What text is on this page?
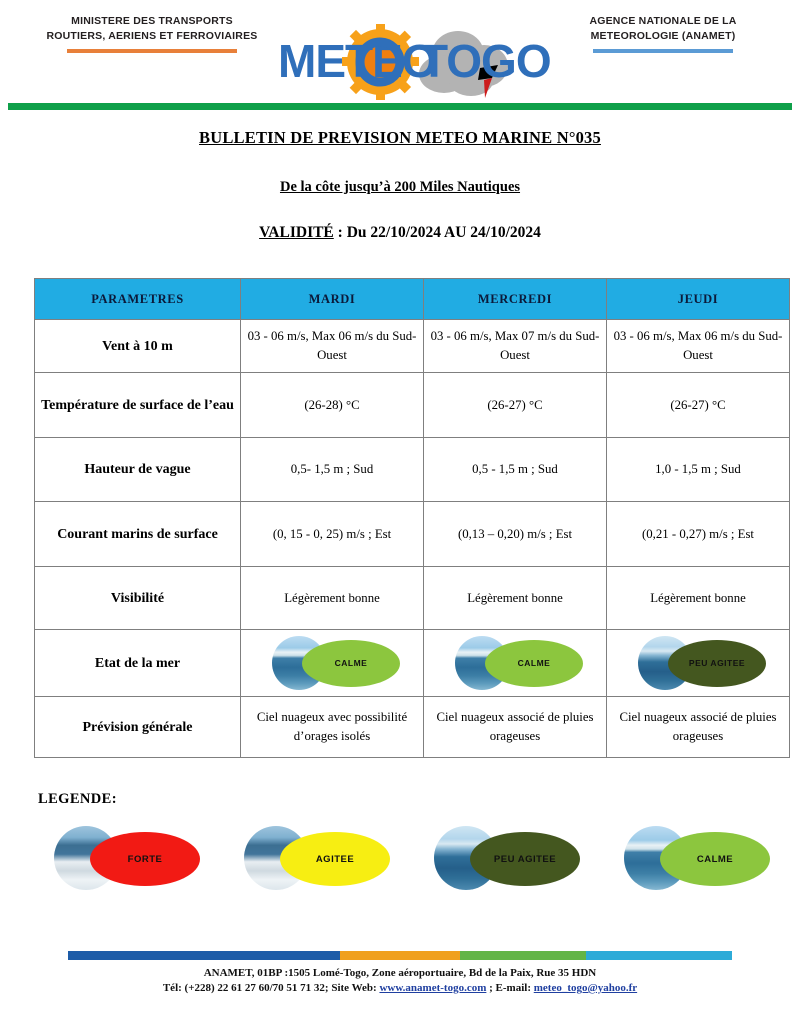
MINISTERE DES TRANSPORTS
ROUTIERS, AERIENS ET FERROVIAIRES
AGENCE NATIONALE DE LA
METEOROLOGIE (ANAMET)
METEO
TOGO
BULLETIN DE PREVISION METEO MARINE N°035
De la côte jusqu’à 200 Miles Nautiques
VALIDITÉ : Du 22/10/2024 AU 24/10/2024
PARAMETRES	MARDI	MERCREDI	JEUDI
Vent à 10 m	03 - 06 m/s, Max 06 m/s du Sud-Ouest	03 - 06 m/s, Max 07 m/s du Sud-Ouest	03 - 06 m/s, Max 06 m/s du Sud-Ouest
Température de surface de l’eau	(26-28) °C	(26-27) °C	(26-27) °C
Hauteur de vague	0,5- 1,5 m ; Sud	0,5 - 1,5 m ; Sud	1,0 - 1,5 m ; Sud
Courant marins de surface	(0, 15 - 0, 25) m/s ; Est	(0,13 – 0,20) m/s ; Est	(0,21 - 0,27) m/s ; Est
Visibilité	Légèrement bonne	Légèrement bonne	Légèrement bonne
Etat de la mer	CALME	CALME	PEU AGITEE

Prévision générale	Ciel nuageux avec possibilité d’orages isolés	Ciel nuageux associé de pluies orageuses	Ciel nuageux associé de pluies orageuses
LEGENDE:
FORTE	AGITEE	PEU AGITEE	CALME
ANAMET, 01BP :1505 Lomé-Togo, Zone aéroportuaire, Bd de la Paix, Rue 35 HDN
Tél: (+228) 22 61 27 60/70 51 71 32; Site Web: www.anamet-togo.com ; E-mail: meteo_togo@yahoo.fr
